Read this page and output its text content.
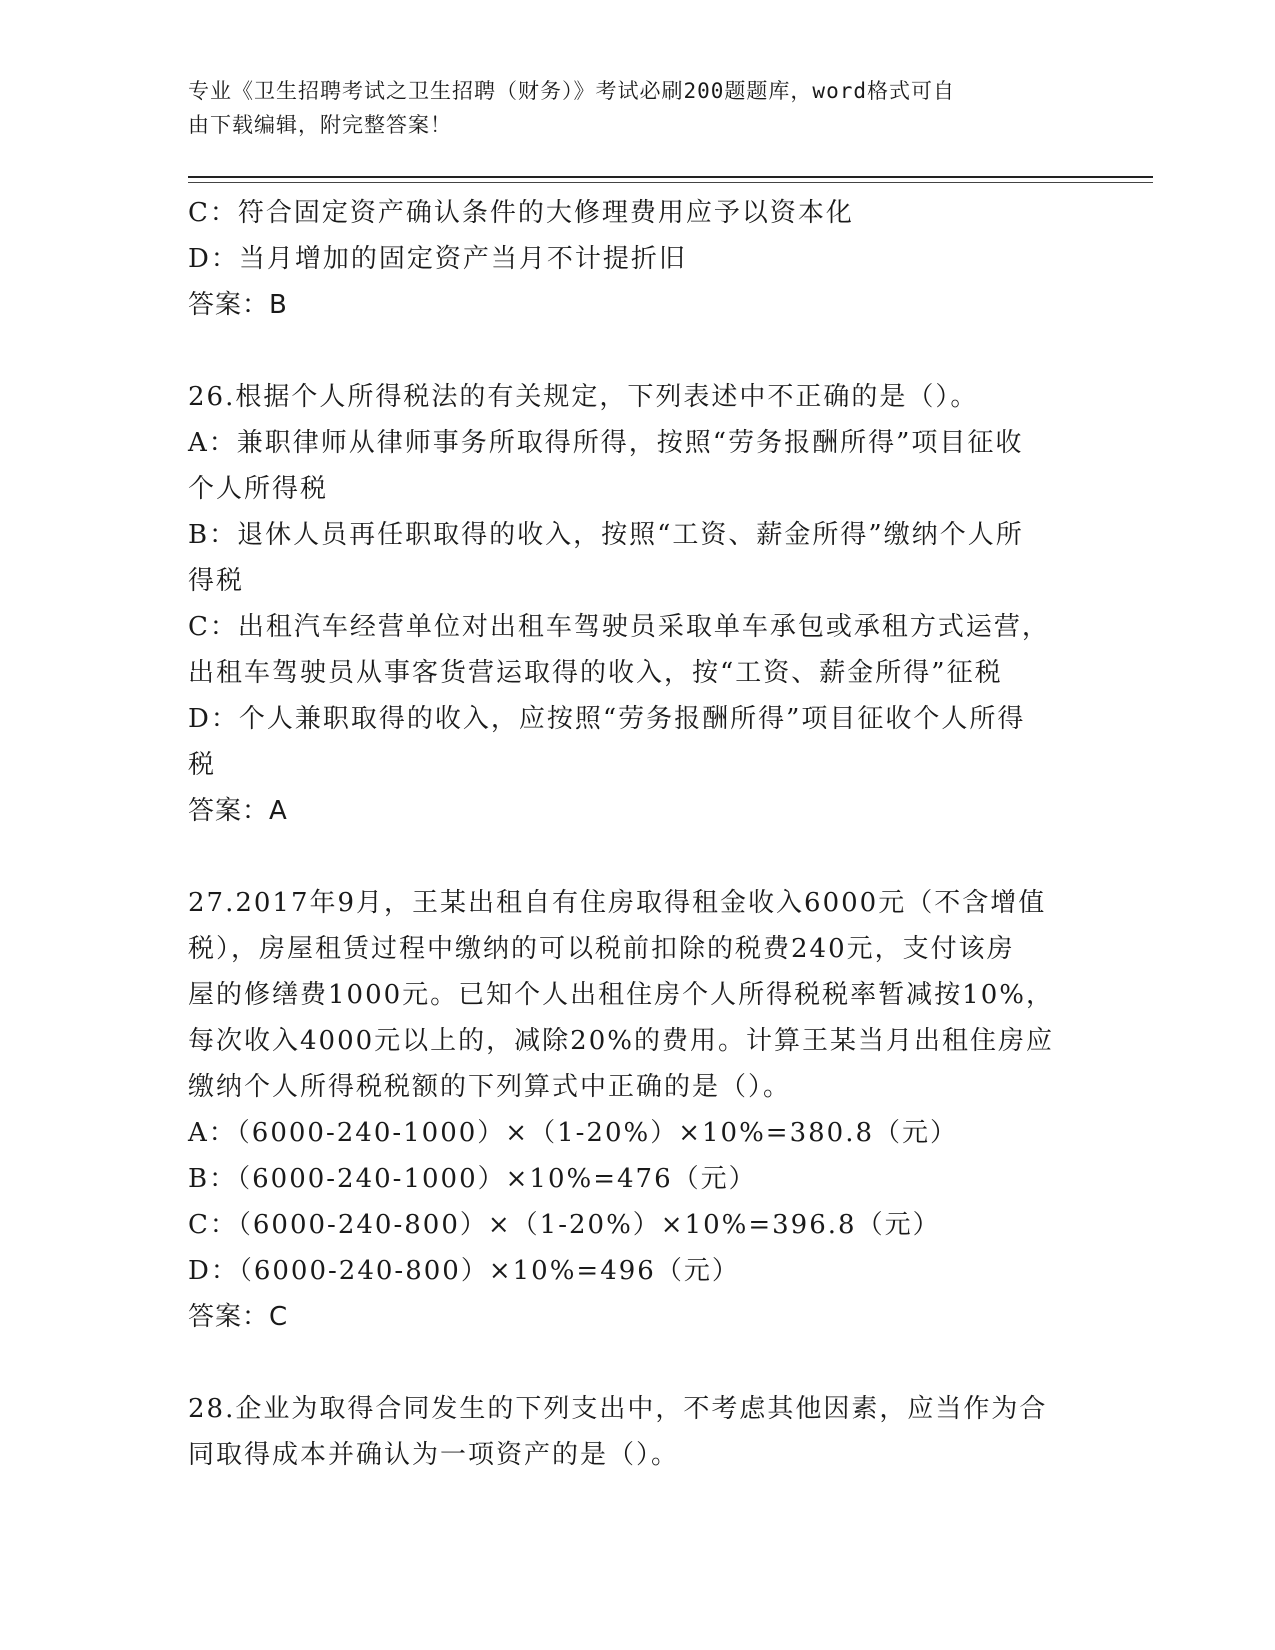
专业《卫生招聘考试之卫生招聘（财务）》考试必刷200题题库，word格式可自
由下载编辑，附完整答案！
C：符合固定资产确认条件的大修理费用应予以资本化
D：当月增加的固定资产当月不计提折旧
答案：B
26.根据个人所得税法的有关规定，下列表述中不正确的是（）。
A：兼职律师从律师事务所取得所得，按照“劳务报酬所得”项目征收
个人所得税
B：退休人员再任职取得的收入，按照“工资、薪金所得”缴纳个人所
得税
C：出租汽车经营单位对出租车驾驶员采取单车承包或承租方式运营，
出租车驾驶员从事客货营运取得的收入，按“工资、薪金所得”征税
D：个人兼职取得的收入，应按照“劳务报酬所得”项目征收个人所得
税
答案：A
27.2017年9月，王某出租自有住房取得租金收入6000元（不含增值
税），房屋租赁过程中缴纳的可以税前扣除的税费240元，支付该房
屋的修缮费1000元。已知个人出租住房个人所得税税率暂减按10%，
每次收入4000元以上的，减除20%的费用。计算王某当月出租住房应
缴纳个人所得税税额的下列算式中正确的是（）。
A：（6000-240-1000）×（1-20%）×10%=380.8（元）
B：（6000-240-1000）×10%=476（元）
C：（6000-240-800）×（1-20%）×10%=396.8（元）
D：（6000-240-800）×10%=496（元）
答案：C
28.企业为取得合同发生的下列支出中，不考虑其他因素，应当作为合
同取得成本并确认为一项资产的是（）。
